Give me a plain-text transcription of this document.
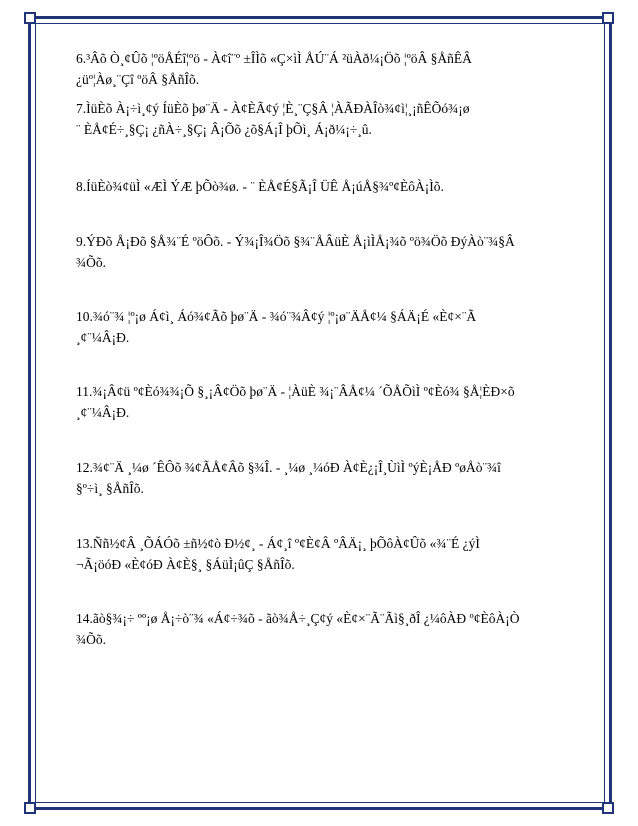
6.³Âõ Ò¸¢Ûõ ¦ºöÅÉî¦ºö - À¢î¨º ±ÎÌõ «Ç×ìÌ ÅÚ¨Á ²üÀð¼¡Öõ ¦ºöÂ §ÅñÊÂ

¿üº¦Àø¸¨Çî ºöÂ §ÅñÎõ.

7.ÌüÈõ À¡÷ì¸¢ý ÍüÈõ þø¨Ä - À¢ÈÃ¢ý ¦È¸¨Ç§Â ¦ÀÃÐÀÎò¾¢ì¦¸¡ñÊÕó¾¡ø

¨ ÈÅ¢É÷¸§Ç¡ ¿ñÀ÷¸§Ç¡ Â¡Õõ ¿õ§Á¡Î þÕì¸ Á¡ð¼¡÷¸û.

8.ÍüÈò¾¢üÌ «ÆÌ ÝÆ þÕò¾ø. - ¨ ÈÅ¢É§Ã¡Î ÜÊ Å¡úÅ§¾º¢ÈôÀ¡Ìõ.

9.ÝÐõ Å¡Ðõ §Å¾¨É ºöÔõ. - Ý¾¡Î¾Öõ §¾¨ÅÂüÈ Å¡ìÌÅ¡¾õ ºö¾Öõ ÐýÀò¨¾§Â

¾Õõ.

10.¾ó¨¾ ¦º¡ø Á¢ì¸ Áó¾¢Ãõ þø¨Ä - ¾ó¨¾Â¢ý ¦º¡ø¨ÄÅ¢¼ §ÁÄ¡É «È¢×¨Ã

¸¢¨¼Â¡Ð.

11.¾¡Â¢ü º¢Èó¾¾¡Õ §¸¡Â¢Öõ þø¨Ä - ¦ÀüÈ ¾¡¨ÂÅ¢¼ ´ÕÅÕìÌ º¢Èó¾ §Å¦ÈÐ×õ

¸¢¨¼Â¡Ð.

12.¾¢¨Ä ¸¼ø ´ÊÔõ ¾¢ÃÅ¢Âõ §¾Î. - ¸¼ø ¸¼óÐ À¢È¿¡Î¸ÙìÌ ºýÈ¡ÅÐ ºøÅò¨¾î

§º÷ì¸ §ÅñÎõ.

13.Ññ½¢Â ¸ÕÁÓõ ±ñ½¢ò Ð½¢¸ - Á¢¸î º¢È¢Â ºÂÄ¡¸ þÕôÀ¢Ûõ «¾¨É ¿ýÌ

¬Ã¡öóÐ «È¢óÐ À¢È§¸ §ÁüÌ¡ûÇ §ÅñÎõ.

14.ãò§¾¡÷ ºº¡ø Å¡÷ò¨¾ «Á¢÷¾õ - ãò¾Å÷¸Ç¢ý «È¢×¨Ã¨Ãì§¸ðÎ ¿¼ôÀÐ º¢ÈôÀ¡Ò

¾Õõ.
